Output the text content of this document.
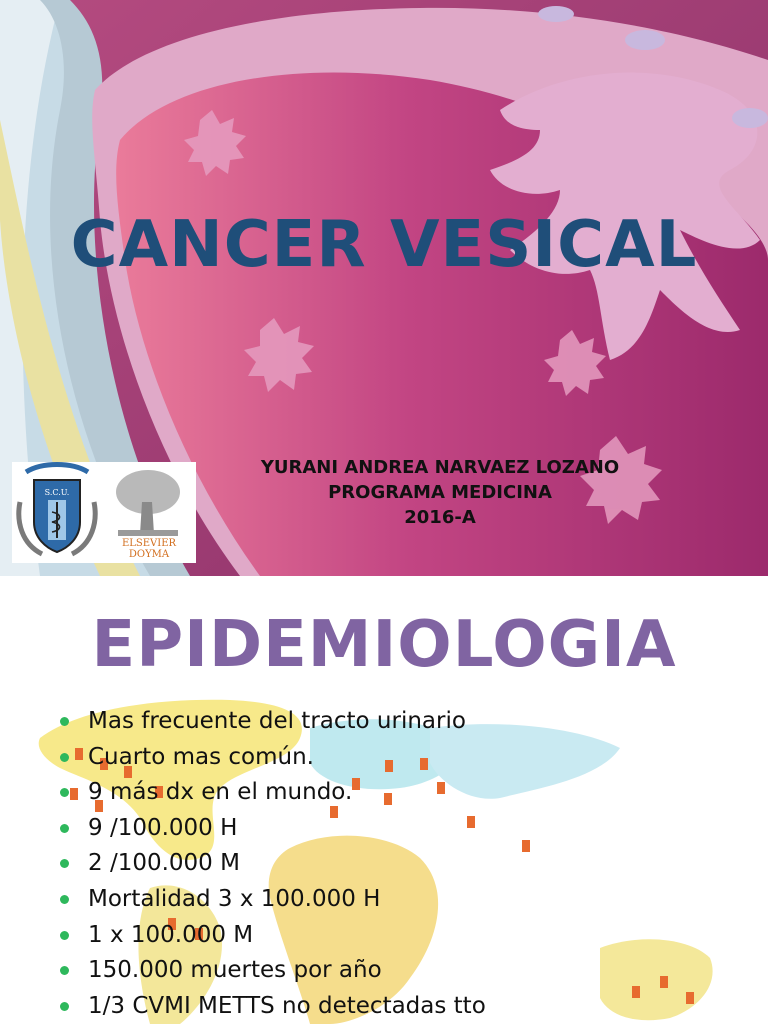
CANCER VESICAL
YURANI ANDREA NARVAEZ LOZANO
PROGRAMA MEDICINA
2016-A
S.C.U.
ELSEVIER
DOYMA
EPIDEMIOLOGIA
Mas frecuente del tracto urinario
Cuarto mas común.
9 más dx en el mundo.
9 /100.000 H
2 /100.000 M
Mortalidad 3 x 100.000 H
1 x 100.000 M
150.000 muertes por año
1/3 CVMI METTS no detectadas tto
